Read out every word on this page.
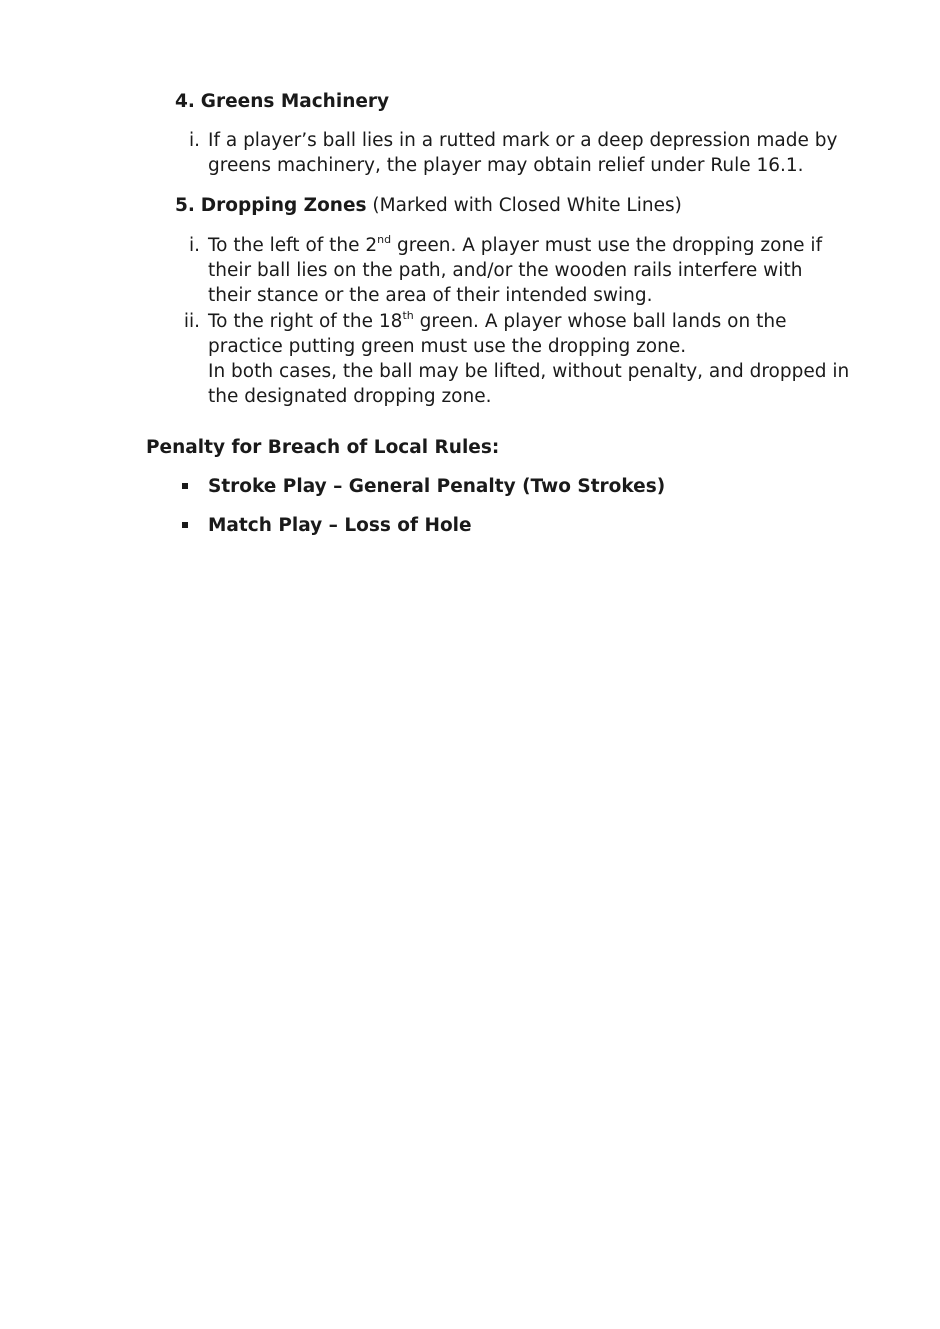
4. Greens Machinery
i. If a player’s ball lies in a rutted mark or a deep depression made by greens machinery, the player may obtain relief under Rule 16.1.
5. Dropping Zones (Marked with Closed White Lines)
i. To the left of the 2nd green. A player must use the dropping zone if their ball lies on the path, and/or the wooden rails interfere with their stance or the area of their intended swing.
ii. To the right of the 18th green. A player whose ball lands on the practice putting green must use the dropping zone.
In both cases, the ball may be lifted, without penalty, and dropped in the designated dropping zone.
Penalty for Breach of Local Rules:
Stroke Play – General Penalty (Two Strokes)
Match Play – Loss of Hole
